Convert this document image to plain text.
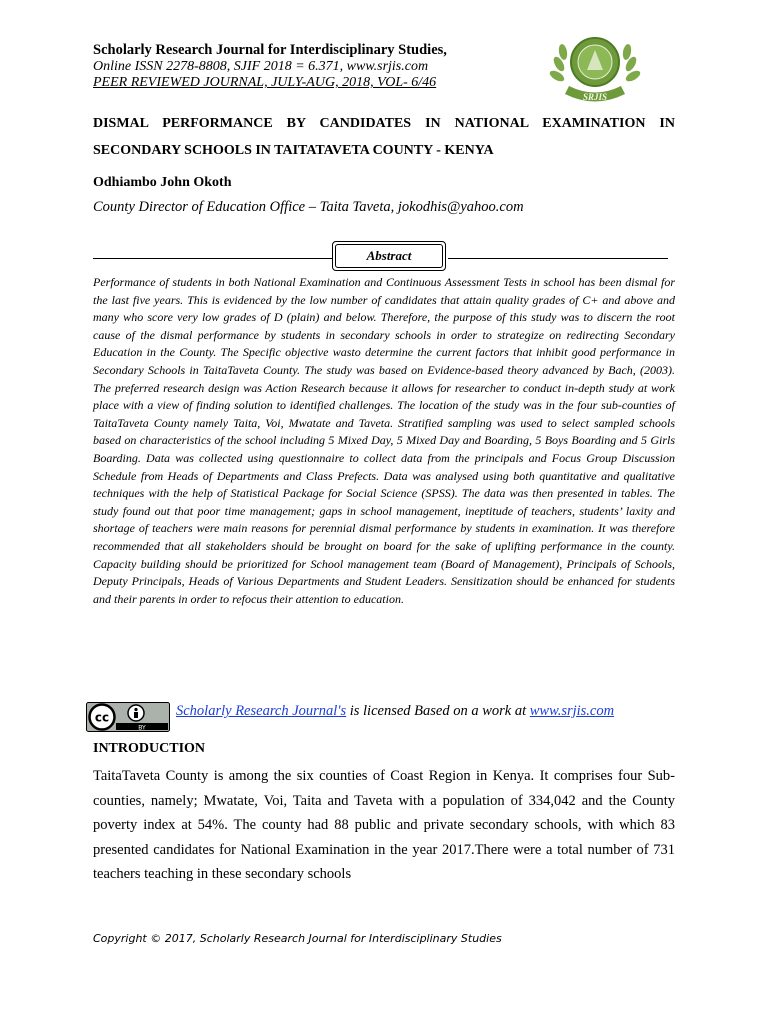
Scholarly Research Journal for Interdisciplinary Studies,
Online ISSN 2278-8808, SJIF 2018 = 6.371, www.srjis.com
PEER REVIEWED JOURNAL, JULY-AUG, 2018, VOL- 6/46
SRJIS
DISMAL PERFORMANCE BY CANDIDATES IN NATIONAL EXAMINATION IN
SECONDARY SCHOOLS IN TAITATAVETA COUNTY - KENYA
Odhiambo John Okoth
County Director of Education Office – Taita Taveta, jokodhis@yahoo.com
Abstract
Performance of students in both National Examination and Continuous Assessment Tests in school has been dismal for the last five years. This is evidenced by the low number of candidates that attain quality grades of C+ and above and many who score very low grades of D (plain) and below. Therefore, the purpose of this study was to discern the root cause of the dismal performance by students in secondary schools in order to strategize on redirecting Secondary Education in the County. The Specific objective wasto determine the current factors that inhibit good performance in Secondary Schools in TaitaTaveta County. The study was based on Evidence-based theory advanced by Bach, (2003). The preferred research design was Action Research because it allows for researcher to conduct in-depth study at work place with a view of finding solution to identified challenges. The location of the study was in the four sub-counties of TaitaTaveta County namely Taita, Voi, Mwatate and Taveta. Stratified sampling was used to select sampled schools based on characteristics of the school including 5 Mixed Day, 5 Mixed Day and Boarding, 5 Boys Boarding and 5 Girls Boarding. Data was collected using questionnaire to collect data from the principals and Focus Group Discussion Schedule from Heads of Departments and Class Prefects. Data was analysed using both quantitative and qualitative techniques with the help of Statistical Package for Social Science (SPSS). The data was then presented in tables. The study found out that poor time management; gaps in school management, ineptitude of teachers, students’ laxity and shortage of teachers were main reasons for perennial dismal performance by students in examination. It was therefore recommended that all stakeholders should be brought on board for the sake of uplifting performance in the county. Capacity building should be prioritized for School management team (Board of Management), Principals of Schools, Deputy Principals, Heads of Various Departments and Student Leaders. Sensitization should be enhanced for students and their parents in order to refocus their attention to education.
cc
BY
Scholarly Research Journal's is licensed Based on a work at www.srjis.com
INTRODUCTION
TaitaTaveta County is among the six counties of Coast Region in Kenya. It comprises four Sub-counties, namely; Mwatate, Voi, Taita and Taveta with a population of 334,042 and the County poverty index at 54%. The county had 88 public and private secondary schools, with which 83 presented candidates for National Examination in the year 2017.There were a total number of 731 teachers teaching in these secondary schools
Copyright © 2017, Scholarly Research Journal for Interdisciplinary Studies
